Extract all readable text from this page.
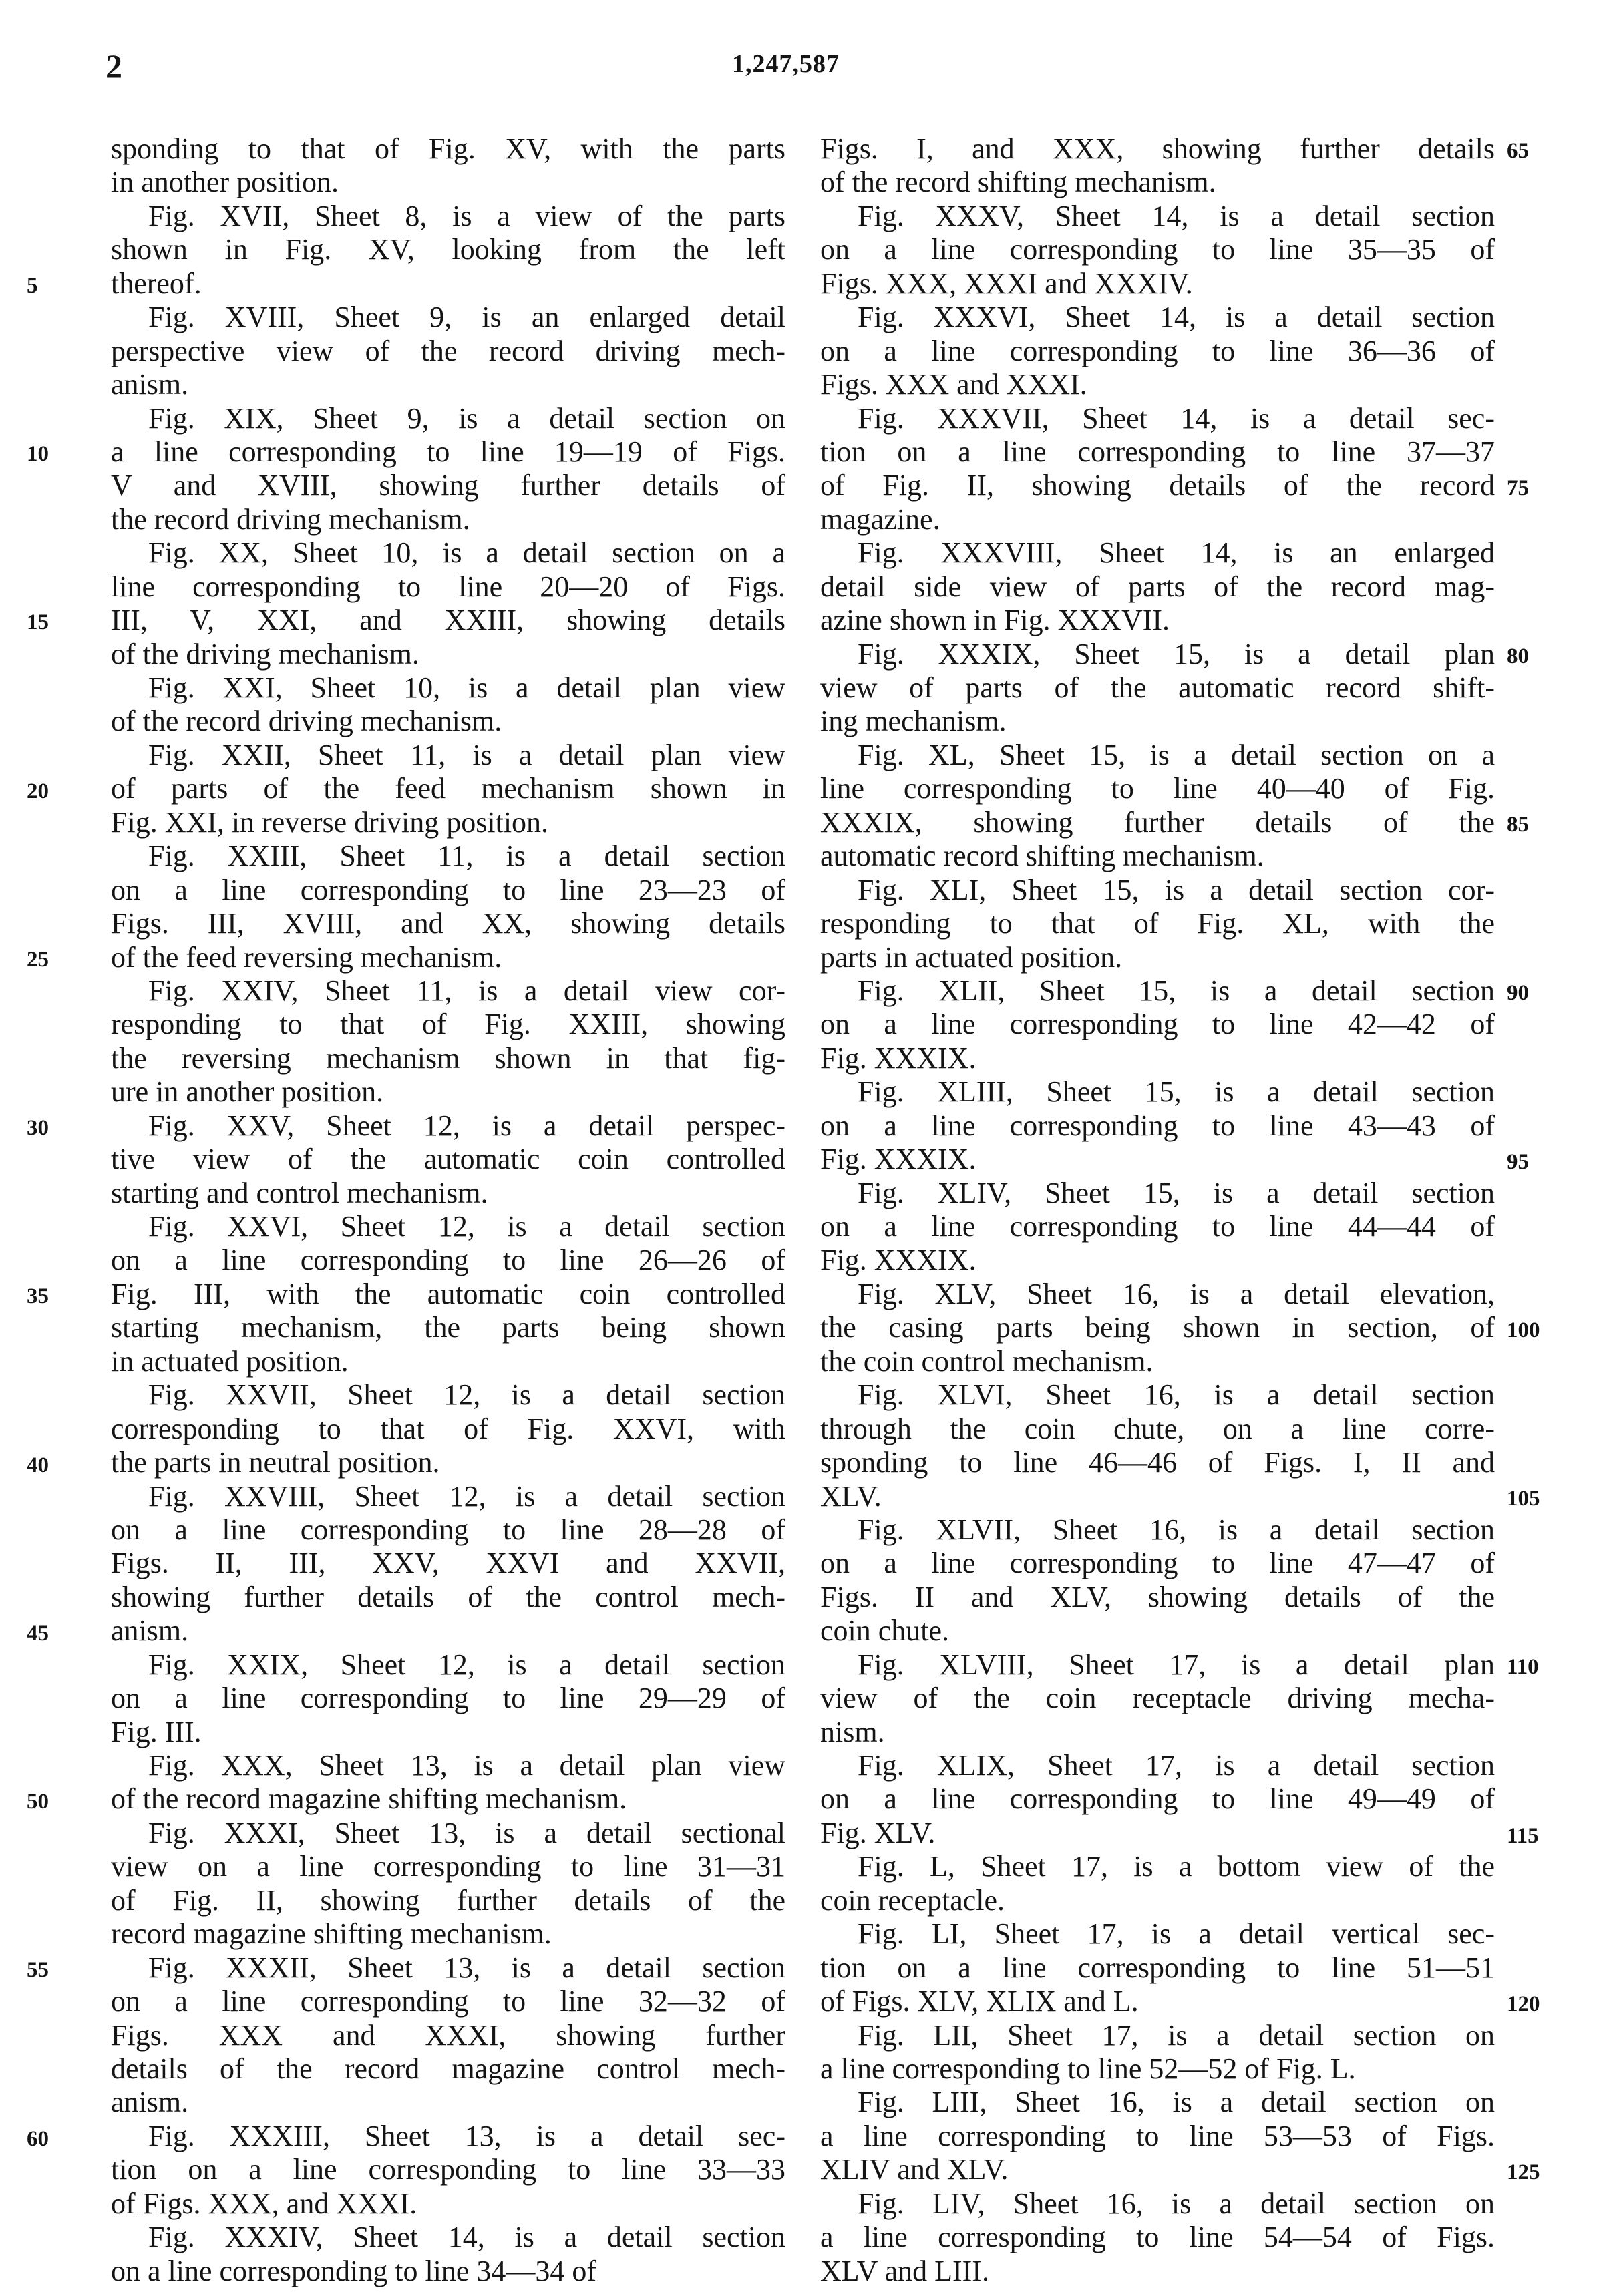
2	1,247,587
sponding to that of Fig. XV, with the parts
in another position.
Fig. XVII, Sheet 8, is a view of the parts
shown in Fig. XV, looking from the left
thereof.
Fig. XVIII, Sheet 9, is an enlarged detail
perspective view of the record driving mech-
anism.
Fig. XIX, Sheet 9, is a detail section on
a line corresponding to line 19—19 of Figs.
V and XVIII, showing further details of
the record driving mechanism.
Fig. XX, Sheet 10, is a detail section on a
line corresponding to line 20—20 of Figs.
III, V, XXI, and XXIII, showing details
of the driving mechanism.
Fig. XXI, Sheet 10, is a detail plan view
of the record driving mechanism.
Fig. XXII, Sheet 11, is a detail plan view
of parts of the feed mechanism shown in
Fig. XXI, in reverse driving position.
Fig. XXIII, Sheet 11, is a detail section
on a line corresponding to line 23—23 of
Figs. III, XVIII, and XX, showing details
of the feed reversing mechanism.
Fig. XXIV, Sheet 11, is a detail view cor-
responding to that of Fig. XXIII, showing
the reversing mechanism shown in that fig-
ure in another position.
Fig. XXV, Sheet 12, is a detail perspec-
tive view of the automatic coin controlled
starting and control mechanism.
Fig. XXVI, Sheet 12, is a detail section
on a line corresponding to line 26—26 of
Fig. III, with the automatic coin controlled
starting mechanism, the parts being shown
in actuated position.
Fig. XXVII, Sheet 12, is a detail section
corresponding to that of Fig. XXVI, with
the parts in neutral position.
Fig. XXVIII, Sheet 12, is a detail section
on a line corresponding to line 28—28 of
Figs. II, III, XXV, XXVI and XXVII,
showing further details of the control mech-
anism.
Fig. XXIX, Sheet 12, is a detail section
on a line corresponding to line 29—29 of
Fig. III.
Fig. XXX, Sheet 13, is a detail plan view
of the record magazine shifting mechanism.
Fig. XXXI, Sheet 13, is a detail sectional
view on a line corresponding to line 31—31
of Fig. II, showing further details of the
record magazine shifting mechanism.
Fig. XXXII, Sheet 13, is a detail section
on a line corresponding to line 32—32 of
Figs. XXX and XXXI, showing further
details of the record magazine control mech-
anism.
Fig. XXXIII, Sheet 13, is a detail sec-
tion on a line corresponding to line 33—33
of Figs. XXX, and XXXI.
Fig. XXXIV, Sheet 14, is a detail section
on a line corresponding to line 34—34 of
Figs. I, and XXX, showing further details
of the record shifting mechanism.
Fig. XXXV, Sheet 14, is a detail section
on a line corresponding to line 35—35 of
Figs. XXX, XXXI and XXXIV.
Fig. XXXVI, Sheet 14, is a detail section
on a line corresponding to line 36—36 of
Figs. XXX and XXXI.
Fig. XXXVII, Sheet 14, is a detail sec-
tion on a line corresponding to line 37—37
of Fig. II, showing details of the record
magazine.
Fig. XXXVIII, Sheet 14, is an enlarged
detail side view of parts of the record mag-
azine shown in Fig. XXXVII.
Fig. XXXIX, Sheet 15, is a detail plan
view of parts of the automatic record shift-
ing mechanism.
Fig. XL, Sheet 15, is a detail section on a
line corresponding to line 40—40 of Fig.
XXXIX, showing further details of the
automatic record shifting mechanism.
Fig. XLI, Sheet 15, is a detail section cor-
responding to that of Fig. XL, with the
parts in actuated position.
Fig. XLII, Sheet 15, is a detail section
on a line corresponding to line 42—42 of
Fig. XXXIX.
Fig. XLIII, Sheet 15, is a detail section
on a line corresponding to line 43—43 of
Fig. XXXIX.
Fig. XLIV, Sheet 15, is a detail section
on a line corresponding to line 44—44 of
Fig. XXXIX.
Fig. XLV, Sheet 16, is a detail elevation,
the casing parts being shown in section, of
the coin control mechanism.
Fig. XLVI, Sheet 16, is a detail section
through the coin chute, on a line corre-
sponding to line 46—46 of Figs. I, II and
XLV.
Fig. XLVII, Sheet 16, is a detail section
on a line corresponding to line 47—47 of
Figs. II and XLV, showing details of the
coin chute.
Fig. XLVIII, Sheet 17, is a detail plan
view of the coin receptacle driving mecha-
nism.
Fig. XLIX, Sheet 17, is a detail section
on a line corresponding to line 49—49 of
Fig. XLV.
Fig. L, Sheet 17, is a bottom view of the
coin receptacle.
Fig. LI, Sheet 17, is a detail vertical sec-
tion on a line corresponding to line 51—51
of Figs. XLV, XLIX and L.
Fig. LII, Sheet 17, is a detail section on
a line corresponding to line 52—52 of Fig. L.
Fig. LIII, Sheet 16, is a detail section on
a line corresponding to line 53—53 of Figs.
XLIV and XLV.
Fig. LIV, Sheet 16, is a detail section on
a line corresponding to line 54—54 of Figs.
XLV and LIII.
5
10
15
20
25
30
35
40
45
50
55
60
65
75
80
85
90
95
100
105
110
115
120
125
